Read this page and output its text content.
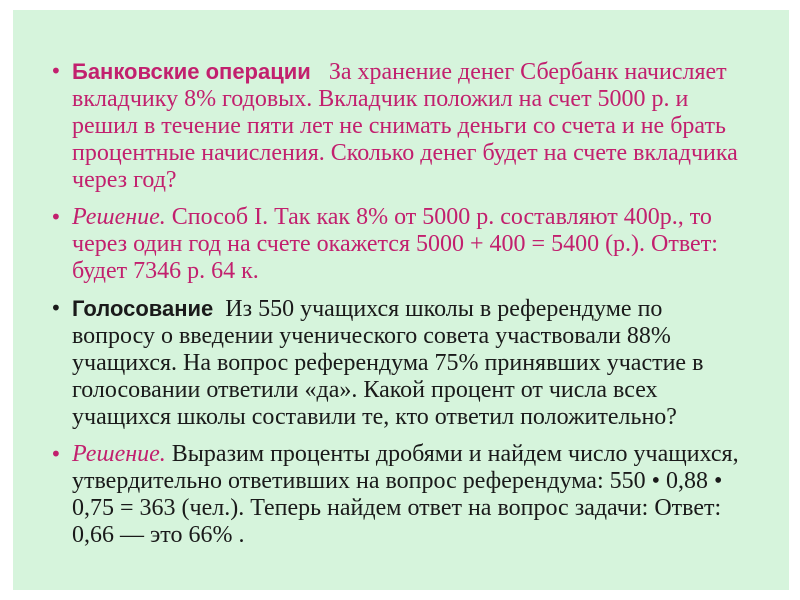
• Банковские операции За хранение денег Сбербанк начисляет вкладчику 8% годовых. Вкладчик положил на счет 5000 р. и решил в течение пяти лет не снимать деньги со счета и не брать процентные начисления. Сколько денег будет на счете вкладчика через год?
• Решение. Способ I. Так как 8% от 5000 р. составляют 400р., то через один год на счете окажется 5000 + 400 = 5400 (р.). Ответ: будет 7346 р. 64 к.
• Голосование Из 550 учащихся школы в референдуме по вопросу о введении ученического совета участвовали 88% учащихся. На вопрос референдума 75% принявших участие в голосовании ответили «да». Какой процент от числа всех учащихся школы составили те, кто ответил положительно?
• Решение. Выразим проценты дробями и найдем число учащихся, утвердительно ответивших на вопрос референдума: 550 • 0,88 • 0,75 = 363 (чел.). Теперь найдем ответ на вопрос задачи: Ответ: 0,66 — это 66% .
